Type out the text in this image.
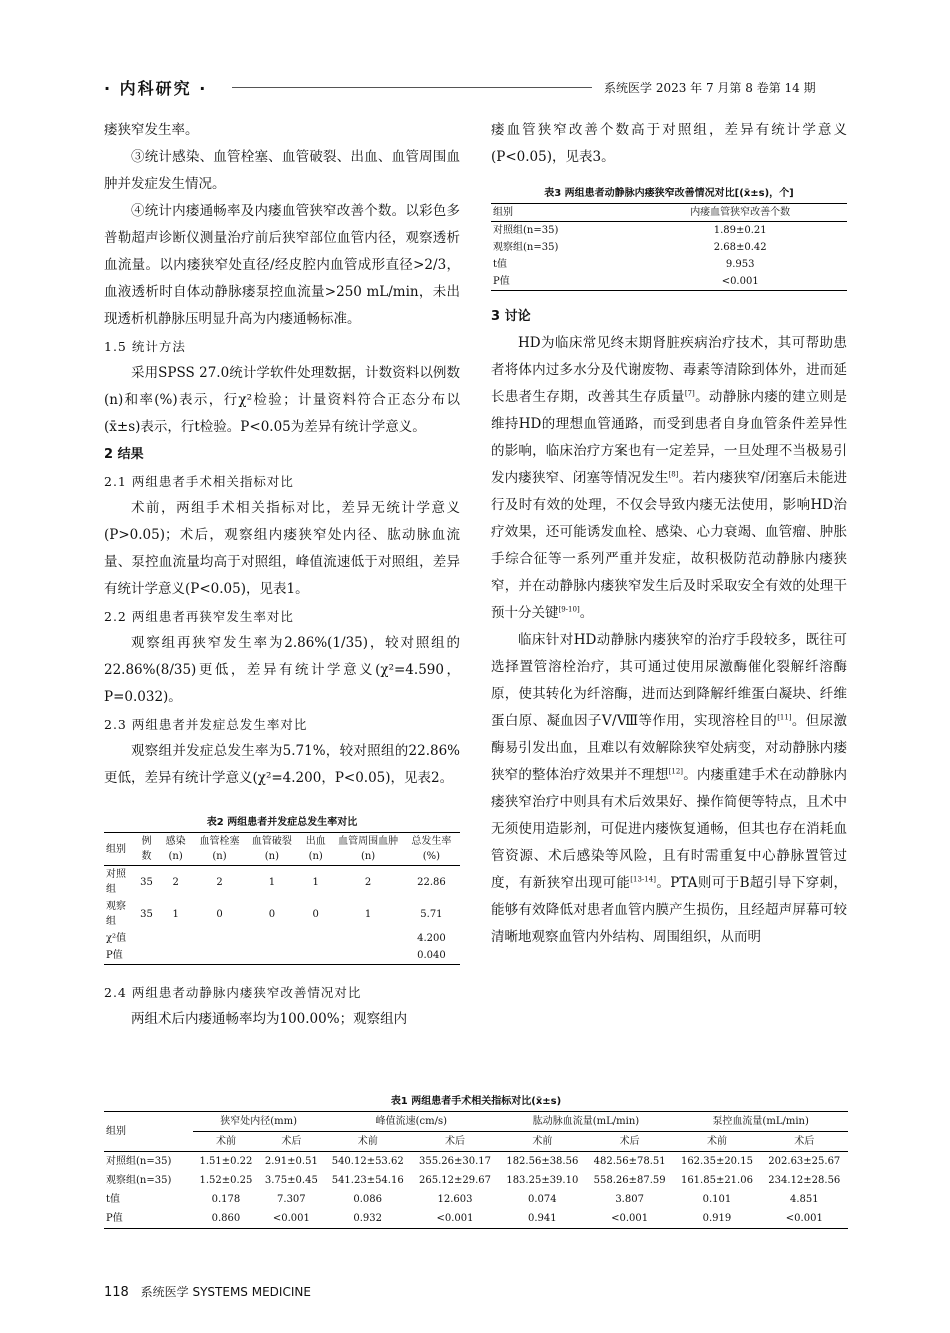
· 内科研究 ·	系统医学 2023 年 7 月第 8 卷第 14 期

瘘狭窄发生率。

③统计感染、血管栓塞、血管破裂、出血、血管周围血肿并发症发生情况。

④统计内瘘通畅率及内瘘血管狭窄改善个数。以彩色多普勒超声诊断仪测量治疗前后狭窄部位血管内径，观察透析血流量。以内瘘狭窄处直径/经皮腔内血管成形直径>2/3，血液透析时自体动静脉瘘泵控血流量>250 mL/min，未出现透析机静脉压明显升高为内瘘通畅标准。

1.5 统计方法

采用SPSS 27.0统计学软件处理数据，计数资料以例数(n)和率(%)表示，行χ²检验；计量资料符合正态分布以(x̄±s)表示，行t检验。P<0.05为差异有统计学意义。

2 结果

2.1 两组患者手术相关指标对比

术前，两组手术相关指标对比，差异无统计学意义(P>0.05)；术后，观察组内瘘狭窄处内径、肱动脉血流量、泵控血流量均高于对照组，峰值流速低于对照组，差异有统计学意义(P<0.05)，见表1。

2.2 两组患者再狭窄发生率对比

观察组再狭窄发生率为2.86%(1/35)，较对照组的22.86%(8/35)更低，差异有统计学意义(χ²=4.590，P=0.032)。

2.3 两组患者并发症总发生率对比

观察组并发症总发生率为5.71%，较对照组的22.86%更低，差异有统计学意义(χ²=4.200，P<0.05)，见表2。

表2 两组患者并发症总发生率对比
组别	例数	感染(n)	血管栓塞(n)	血管破裂(n)	出血(n)	血管周围血肿(n)	总发生率(%)
对照组	35	2	2	1	1	2	22.86
观察组	35	1	0	0	0	1	5.71
χ²值							4.200
P值							0.040

2.4 两组患者动静脉内瘘狭窄改善情况对比

两组术后内瘘通畅率均为100.00%；观察组内

瘘血管狭窄改善个数高于对照组，差异有统计学意义(P<0.05)，见表3。

表3 两组患者动静脉内瘘狭窄改善情况对比[(x̄±s)，个]
组别	内瘘血管狭窄改善个数
对照组(n=35)	1.89±0.21
观察组(n=35)	2.68±0.42
t值	9.953
P值	<0.001

3 讨论

HD为临床常见终末期肾脏疾病治疗技术，其可帮助患者将体内过多水分及代谢废物、毒素等清除到体外，进而延长患者生存期，改善其生存质量[7]。动静脉内瘘的建立则是维持HD的理想血管通路，而受到患者自身血管条件差异性的影响，临床治疗方案也有一定差异，一旦处理不当极易引发内瘘狭窄、闭塞等情况发生[8]。若内瘘狭窄/闭塞后未能进行及时有效的处理，不仅会导致内瘘无法使用，影响HD治疗效果，还可能诱发血栓、感染、心力衰竭、血管瘤、肿胀手综合征等一系列严重并发症，故积极防范动静脉内瘘狭窄，并在动静脉内瘘狭窄发生后及时采取安全有效的处理干预十分关键[9-10]。

临床针对HD动静脉内瘘狭窄的治疗手段较多，既往可选择置管溶栓治疗，其可通过使用尿激酶催化裂解纤溶酶原，使其转化为纤溶酶，进而达到降解纤维蛋白凝块、纤维蛋白原、凝血因子Ⅴ/Ⅷ等作用，实现溶栓目的[11]。但尿激酶易引发出血，且难以有效解除狭窄处病变，对动静脉内瘘狭窄的整体治疗效果并不理想[12]。内瘘重建手术在动静脉内瘘狭窄治疗中则具有术后效果好、操作简便等特点，且术中无须使用造影剂，可促进内瘘恢复通畅，但其也存在消耗血管资源、术后感染等风险，且有时需重复中心静脉置管过度，有新狭窄出现可能[13-14]。PTA则可于B超引导下穿刺，能够有效降低对患者血管内膜产生损伤，且经超声屏幕可较清晰地观察血管内外结构、周围组织，从而明

表1 两组患者手术相关指标对比(x̄±s)
组别	狭窄处内径(mm)		峰值流速(cm/s)		肱动脉血流量(mL/min)		泵控血流量(mL/min)	
	术前	术后	术前	术后	术前	术后	术前	术后
对照组(n=35)	1.51±0.22	2.91±0.51	540.12±53.62	355.26±30.17	182.56±38.56	482.56±78.51	162.35±20.15	202.63±25.67
观察组(n=35)	1.52±0.25	3.75±0.45	541.23±54.16	265.12±29.67	183.25±39.10	558.26±87.59	161.85±21.06	234.12±28.56
t值	0.178	7.307	0.086	12.603	0.074	3.807	0.101	4.851
P值	0.860	<0.001	0.932	<0.001	0.941	<0.001	0.919	<0.001
118 系统医学 SYSTEMS MEDICINE
